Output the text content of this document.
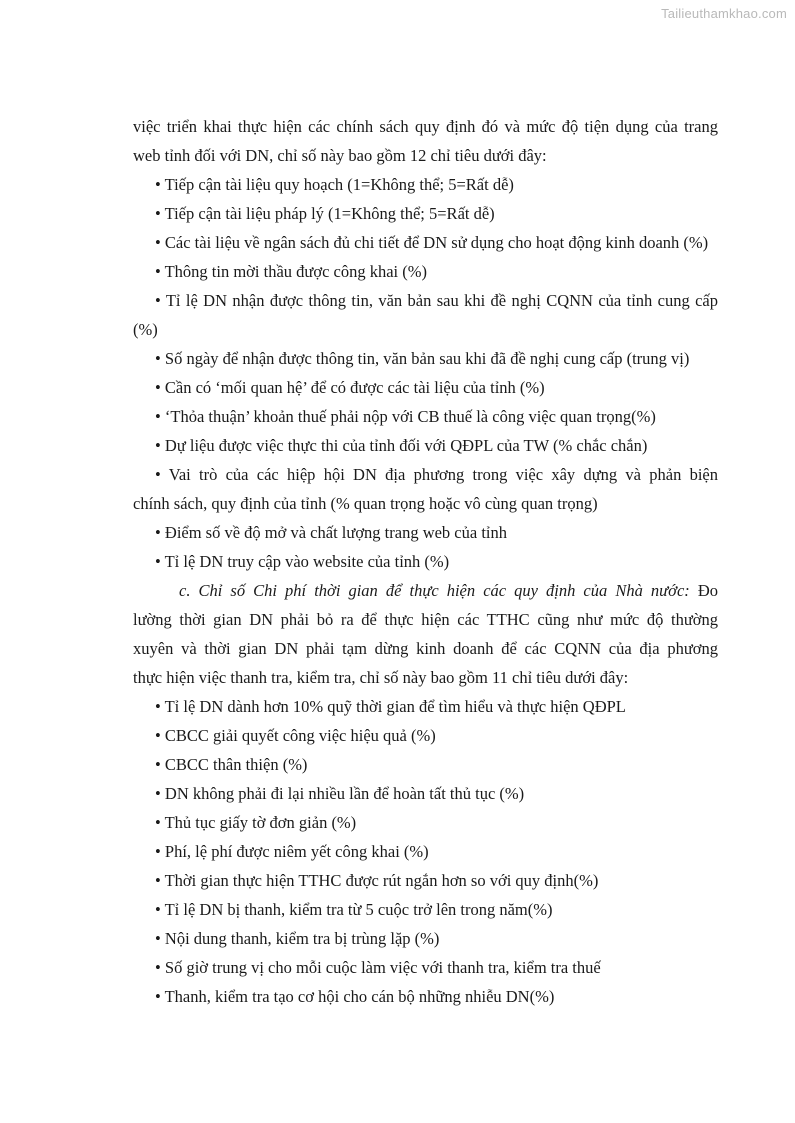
Tailieuthamkhao.com
việc triển khai thực hiện các chính sách quy định đó và mức độ tiện dụng của trang
web tỉnh đối với DN, chỉ số này bao gồm 12 chỉ tiêu dưới đây:
• Tiếp cận tài liệu quy hoạch (1=Không thể; 5=Rất dễ)
• Tiếp cận tài liệu pháp lý (1=Không thể; 5=Rất dễ)
• Các tài liệu về ngân sách đủ chi tiết để DN sử dụng cho hoạt động kinh doanh (%)
• Thông tin mời thầu được công khai (%)
• Tỉ lệ DN nhận được thông tin, văn bản sau khi đề nghị CQNN của tỉnh cung cấp
(%)
• Số ngày để nhận được thông tin, văn bản sau khi đã đề nghị cung cấp (trung vị)
• Cần có ‘mối quan hệ’ để có được các tài liệu của tỉnh (%)
• ‘Thỏa thuận’ khoản thuế phải nộp với CB thuế là công việc quan trọng(%)
• Dự liệu được việc thực thi của tỉnh đối với QĐPL của TW (% chắc chắn)
• Vai trò của các hiệp hội DN địa phương trong việc xây dựng và phản biện
chính sách, quy định của tỉnh (% quan trọng hoặc vô cùng quan trọng)
• Điểm số về độ mở và chất lượng trang web của tỉnh
• Tỉ lệ DN truy cập vào website của tỉnh (%)
c. Chỉ số Chi phí thời gian để thực hiện các quy định của Nhà nước: Đo
lường thời gian DN phải bỏ ra để thực hiện các TTHC cũng như mức độ thường
xuyên và thời gian DN phải tạm dừng kinh doanh để các CQNN của địa phương
thực hiện việc thanh tra, kiểm tra, chỉ số này bao gồm 11 chỉ tiêu dưới đây:
• Tỉ lệ DN dành hơn 10% quỹ thời gian để tìm hiểu và thực hiện QĐPL
• CBCC giải quyết công việc hiệu quả (%)
• CBCC thân thiện (%)
• DN không phải đi lại nhiều lần để hoàn tất thủ tục (%)
• Thủ tục giấy tờ đơn giản (%)
• Phí, lệ phí được niêm yết công khai (%)
• Thời gian thực hiện TTHC được rút ngắn hơn so với quy định(%)
• Tỉ lệ DN bị thanh, kiểm tra từ 5 cuộc trở lên trong năm(%)
• Nội dung thanh, kiểm tra bị trùng lặp (%)
• Số giờ trung vị cho mỗi cuộc làm việc với thanh tra, kiểm tra thuế
• Thanh, kiểm tra tạo cơ hội cho cán bộ những nhiễu DN(%)
